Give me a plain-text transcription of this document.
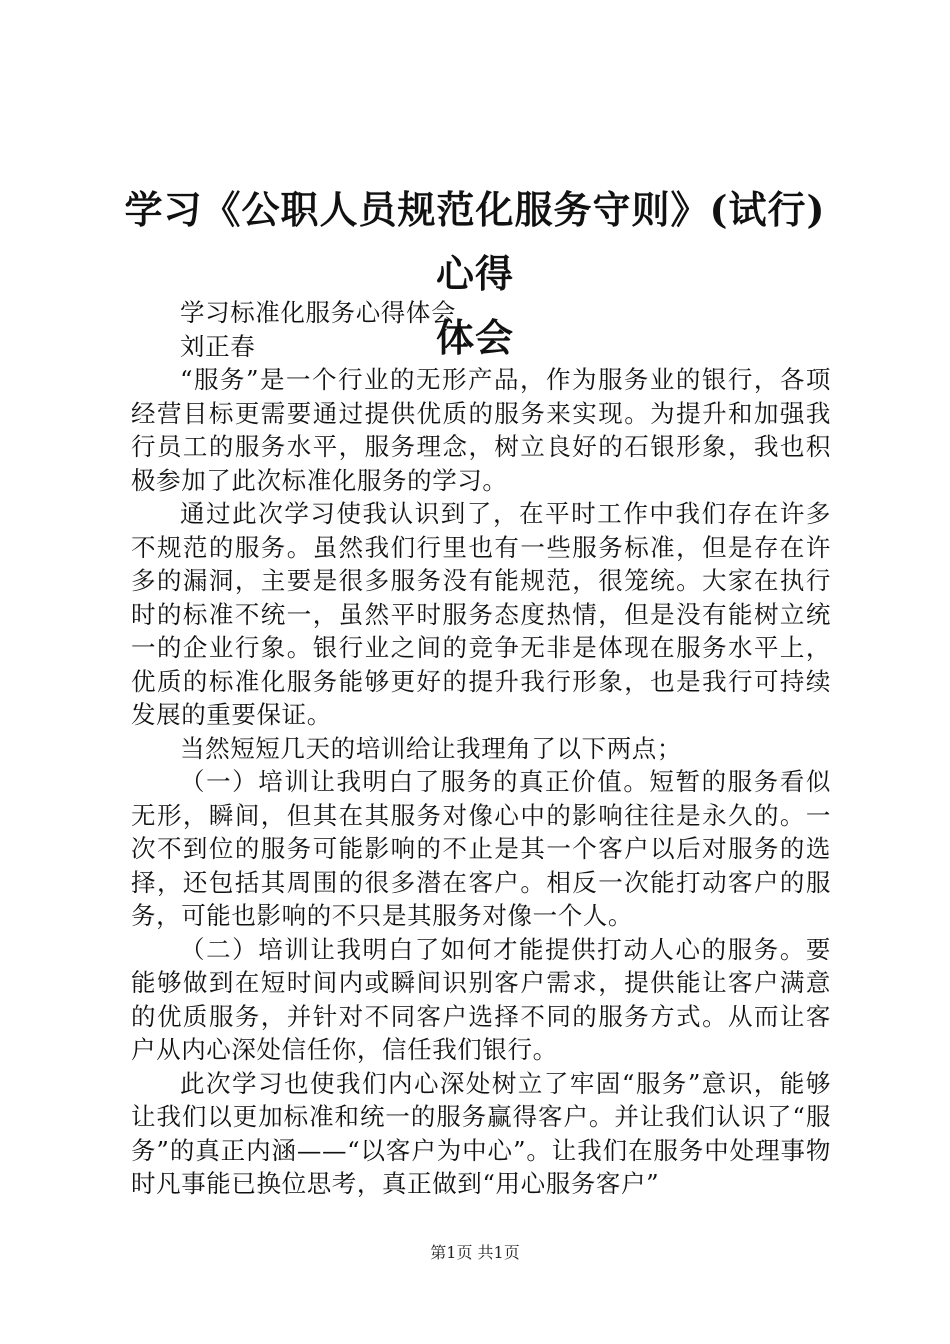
学习《公职人员规范化服务守则》(试行)心得
体会

学习标准化服务心得体会

刘正春

“服务”是一个行业的无形产品，作为服务业的银行，各项经营目标更需要通过提供优质的服务来实现。为提升和加强我行员工的服务水平，服务理念，树立良好的石银形象，我也积极参加了此次标准化服务的学习。

通过此次学习使我认识到了，在平时工作中我们存在许多不规范的服务。虽然我们行里也有一些服务标准，但是存在许多的漏洞，主要是很多服务没有能规范，很笼统。大家在执行时的标准不统一，虽然平时服务态度热情，但是没有能树立统一的企业行象。银行业之间的竞争无非是体现在服务水平上，优质的标准化服务能够更好的提升我行形象，也是我行可持续发展的重要保证。

当然短短几天的培训给让我理角了以下两点；

（一）培训让我明白了服务的真正价值。短暂的服务看似无形，瞬间，但其在其服务对像心中的影响往往是永久的。一次不到位的服务可能影响的不止是其一个客户以后对服务的选择，还包括其周围的很多潜在客户。相反一次能打动客户的服务，可能也影响的不只是其服务对像一个人。

（二）培训让我明白了如何才能提供打动人心的服务。要能够做到在短时间内或瞬间识别客户需求，提供能让客户满意的优质服务，并针对不同客户选择不同的服务方式。从而让客户从内心深处信任你，信任我们银行。

此次学习也使我们内心深处树立了牢固“服务”意识，能够让我们以更加标准和统一的服务赢得客户。并让我们认识了“服务”的真正内涵——“以客户为中心”。让我们在服务中处理事物时凡事能已换位思考，真正做到“用心服务客户”

第1页 共1页
